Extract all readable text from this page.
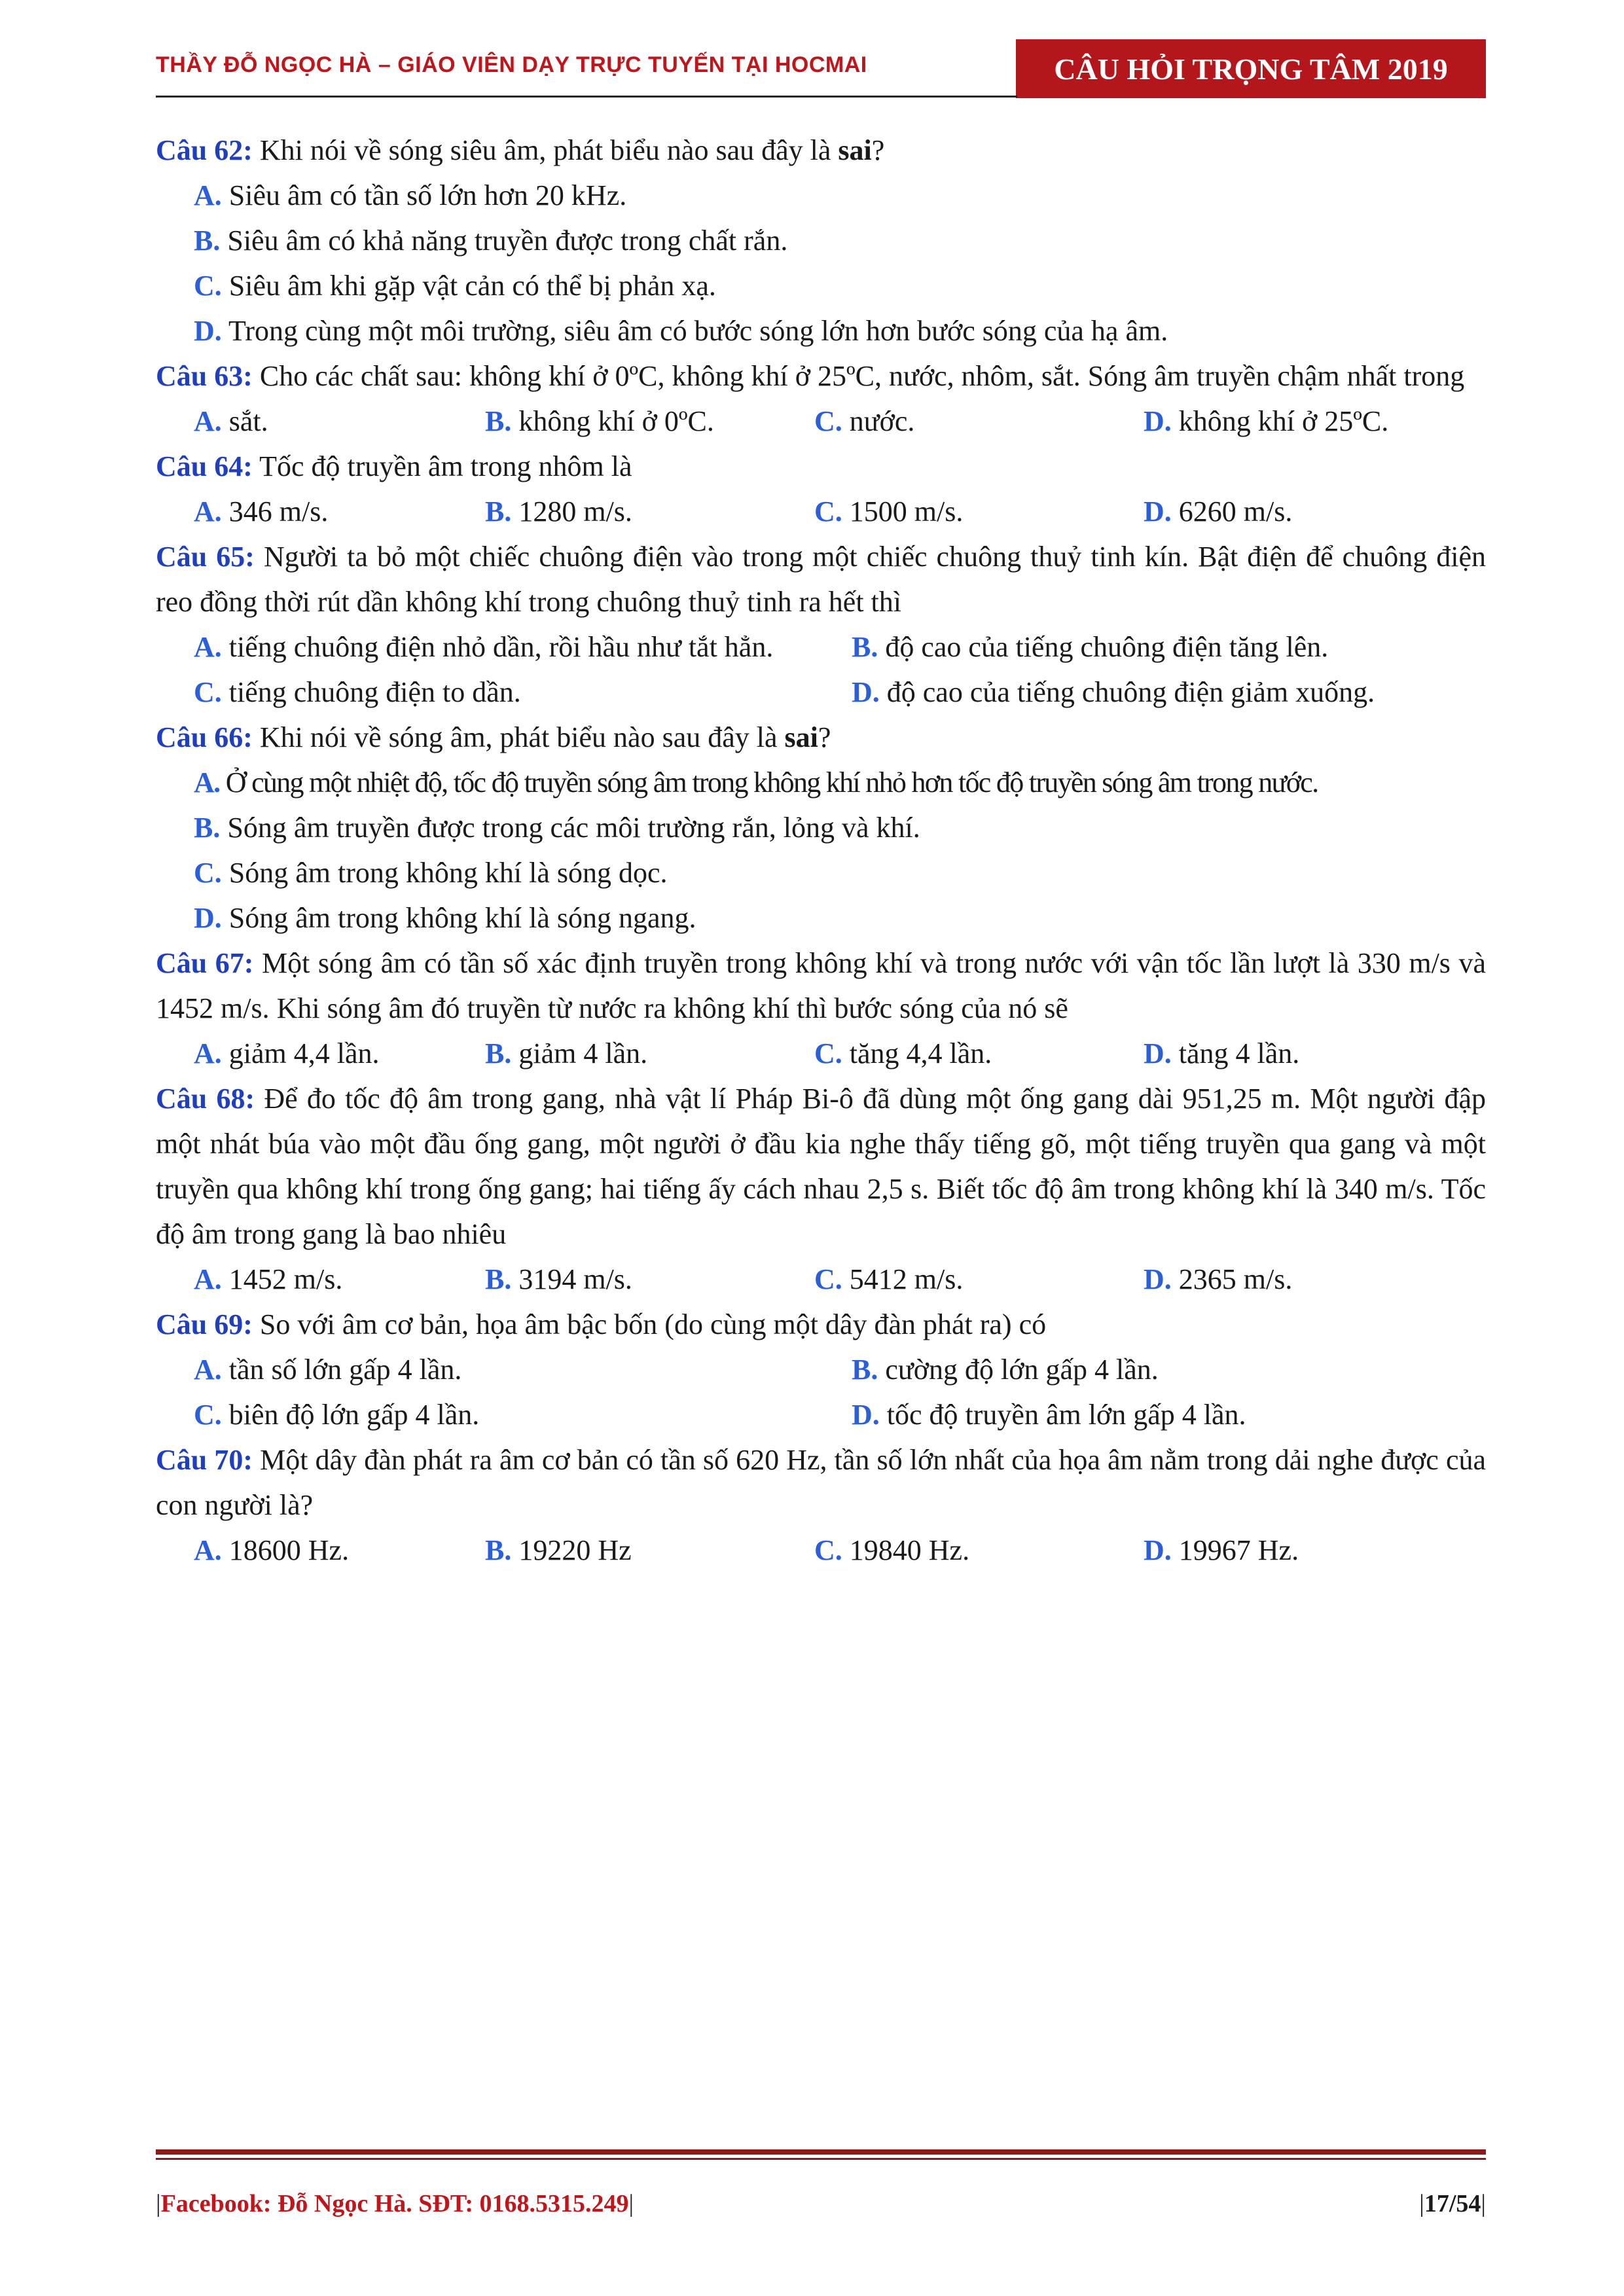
THẦY ĐỖ NGỌC HÀ – GIÁO VIÊN DẠY TRỰC TUYẾN TẠI HOCMAI	CÂU HỎI TRỌNG TÂM 2019
Câu 62: Khi nói về sóng siêu âm, phát biểu nào sau đây là sai?
A. Siêu âm có tần số lớn hơn 20 kHz.
B. Siêu âm có khả năng truyền được trong chất rắn.
C. Siêu âm khi gặp vật cản có thể bị phản xạ.
D. Trong cùng một môi trường, siêu âm có bước sóng lớn hơn bước sóng của hạ âm.
Câu 63: Cho các chất sau: không khí ở 0ºC, không khí ở 25ºC, nước, nhôm, sắt. Sóng âm truyền chậm nhất trong
A. sắt.	B. không khí ở 0ºC.	C. nước.	D. không khí ở 25ºC.
Câu 64: Tốc độ truyền âm trong nhôm là
A. 346 m/s.	B. 1280 m/s.	C. 1500 m/s.	D. 6260 m/s.
Câu 65: Người ta bỏ một chiếc chuông điện vào trong một chiếc chuông thuỷ tinh kín. Bật điện để chuông điện reo đồng thời rút dần không khí trong chuông thuỷ tinh ra hết thì
A. tiếng chuông điện nhỏ dần, rồi hầu như tắt hẳn.	B. độ cao của tiếng chuông điện tăng lên.
C. tiếng chuông điện to dần.	D. độ cao của tiếng chuông điện giảm xuống.
Câu 66: Khi nói về sóng âm, phát biểu nào sau đây là sai?
A. Ở cùng một nhiệt độ, tốc độ truyền sóng âm trong không khí nhỏ hơn tốc độ truyền sóng âm trong nước.
B. Sóng âm truyền được trong các môi trường rắn, lỏng và khí.
C. Sóng âm trong không khí là sóng dọc.
D. Sóng âm trong không khí là sóng ngang.
Câu 67: Một sóng âm có tần số xác định truyền trong không khí và trong nước với vận tốc lần lượt là 330 m/s và 1452 m/s. Khi sóng âm đó truyền từ nước ra không khí thì bước sóng của nó sẽ
A. giảm 4,4 lần.	B. giảm 4 lần.	C. tăng 4,4 lần.	D. tăng 4 lần.
Câu 68: Để đo tốc độ âm trong gang, nhà vật lí Pháp Bi-ô đã dùng một ống gang dài 951,25 m. Một người đập một nhát búa vào một đầu ống gang, một người ở đầu kia nghe thấy tiếng gõ, một tiếng truyền qua gang và một truyền qua không khí trong ống gang; hai tiếng ấy cách nhau 2,5 s. Biết tốc độ âm trong không khí là 340 m/s. Tốc độ âm trong gang là bao nhiêu
A. 1452 m/s.	B. 3194 m/s.	C. 5412 m/s.	D. 2365 m/s.
Câu 69: So với âm cơ bản, họa âm bậc bốn (do cùng một dây đàn phát ra) có
A. tần số lớn gấp 4 lần.	B. cường độ lớn gấp 4 lần.
C. biên độ lớn gấp 4 lần.	D. tốc độ truyền âm lớn gấp 4 lần.
Câu 70: Một dây đàn phát ra âm cơ bản có tần số 620 Hz, tần số lớn nhất của họa âm nằm trong dải nghe được của con người là?
A. 18600 Hz.	B. 19220 Hz	C. 19840 Hz.	D. 19967 Hz.
|Facebook: Đỗ Ngọc Hà. SĐT: 0168.5315.249|	|17/54|
